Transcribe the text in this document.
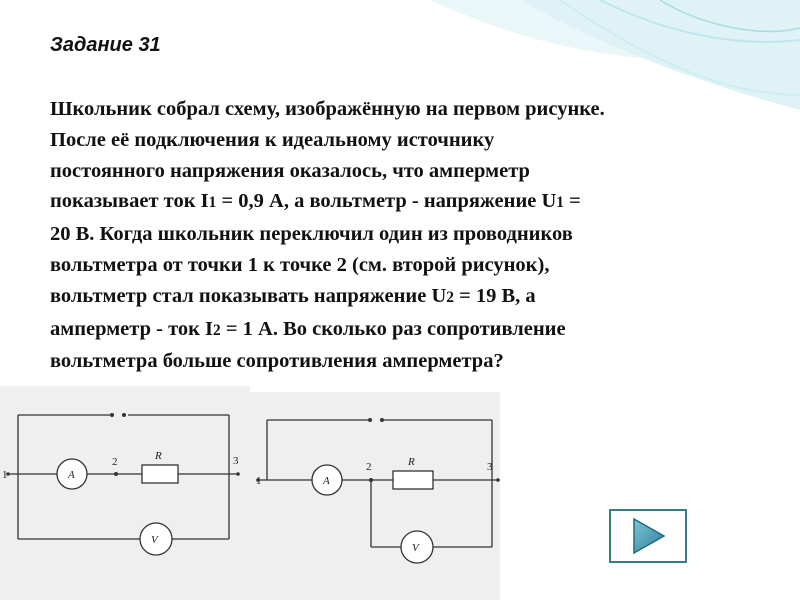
Задание 31
Школьник собрал схему, изображённую на первом рисунке.
После её подключения к идеальному источнику
постоянного напряжения оказалось, что амперметр
показывает ток I1 = 0,9 А, а вольтметр - напряжение U1 =
20 В. Когда школьник переключил один из проводников
вольтметра от точки 1 к точке 2 (см. второй рисунок),
вольтметр стал показывать напряжение U2 = 19 В, а
амперметр - ток I2 = 1 А. Во сколько раз сопротивление
вольтметра больше сопротивления амперметра?
1
2	3
A
R
V
1
2	3
A
R
V
